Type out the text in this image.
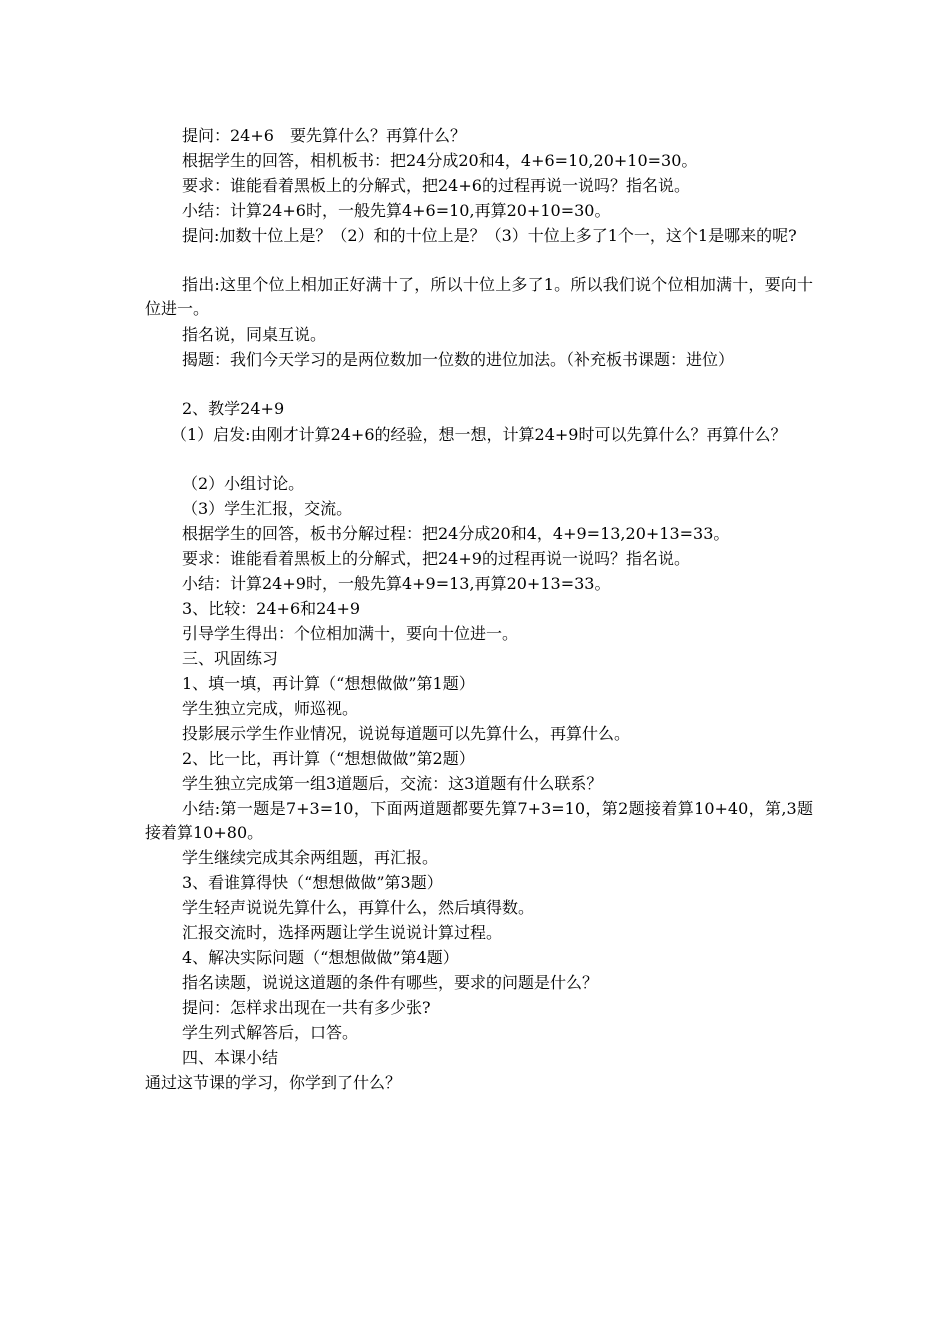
提问：24+6　要先算什么？再算什么？
根据学生的回答，相机板书：把24分成20和4，4+6=10,20+10=30。
要求：谁能看着黑板上的分解式，把24+6的过程再说一说吗？指名说。
小结：计算24+6时，一般先算4+6=10,再算20+10=30。
提问:加数十位上是？（2）和的十位上是？（3）十位上多了1个一，这个1是哪来的呢?
指出:这里个位上相加正好满十了，所以十位上多了1。所以我们说个位相加满十，要向十位进一。
指名说，同桌互说。
揭题：我们今天学习的是两位数加一位数的进位加法。（补充板书课题：进位）
2、教学24+9
（1）启发:由刚才计算24+6的经验，想一想，计算24+9时可以先算什么？再算什么？
（2）小组讨论。
（3）学生汇报，交流。
根据学生的回答，板书分解过程：把24分成20和4，4+9=13,20+13=33。
要求：谁能看着黑板上的分解式，把24+9的过程再说一说吗？指名说。
小结：计算24+9时，一般先算4+9=13,再算20+13=33。
3、比较：24+6和24+9
引导学生得出：个位相加满十，要向十位进一。
三、巩固练习
1、填一填，再计算（“想想做做”第1题）
学生独立完成，师巡视。
投影展示学生作业情况，说说每道题可以先算什么，再算什么。
2、比一比，再计算（“想想做做”第2题）
学生独立完成第一组3道题后，交流：这3道题有什么联系？
小结:第一题是7+3=10，下面两道题都要先算7+3=10，第2题接着算10+40，第,3题接着算10+80。
学生继续完成其余两组题，再汇报。
3、看谁算得快（“想想做做”第3题）
学生轻声说说先算什么，再算什么，然后填得数。
汇报交流时，选择两题让学生说说计算过程。
4、解决实际问题（“想想做做”第4题）
指名读题，说说这道题的条件有哪些，要求的问题是什么？
提问：怎样求出现在一共有多少张?
学生列式解答后，口答。
四、本课小结
通过这节课的学习，你学到了什么？
